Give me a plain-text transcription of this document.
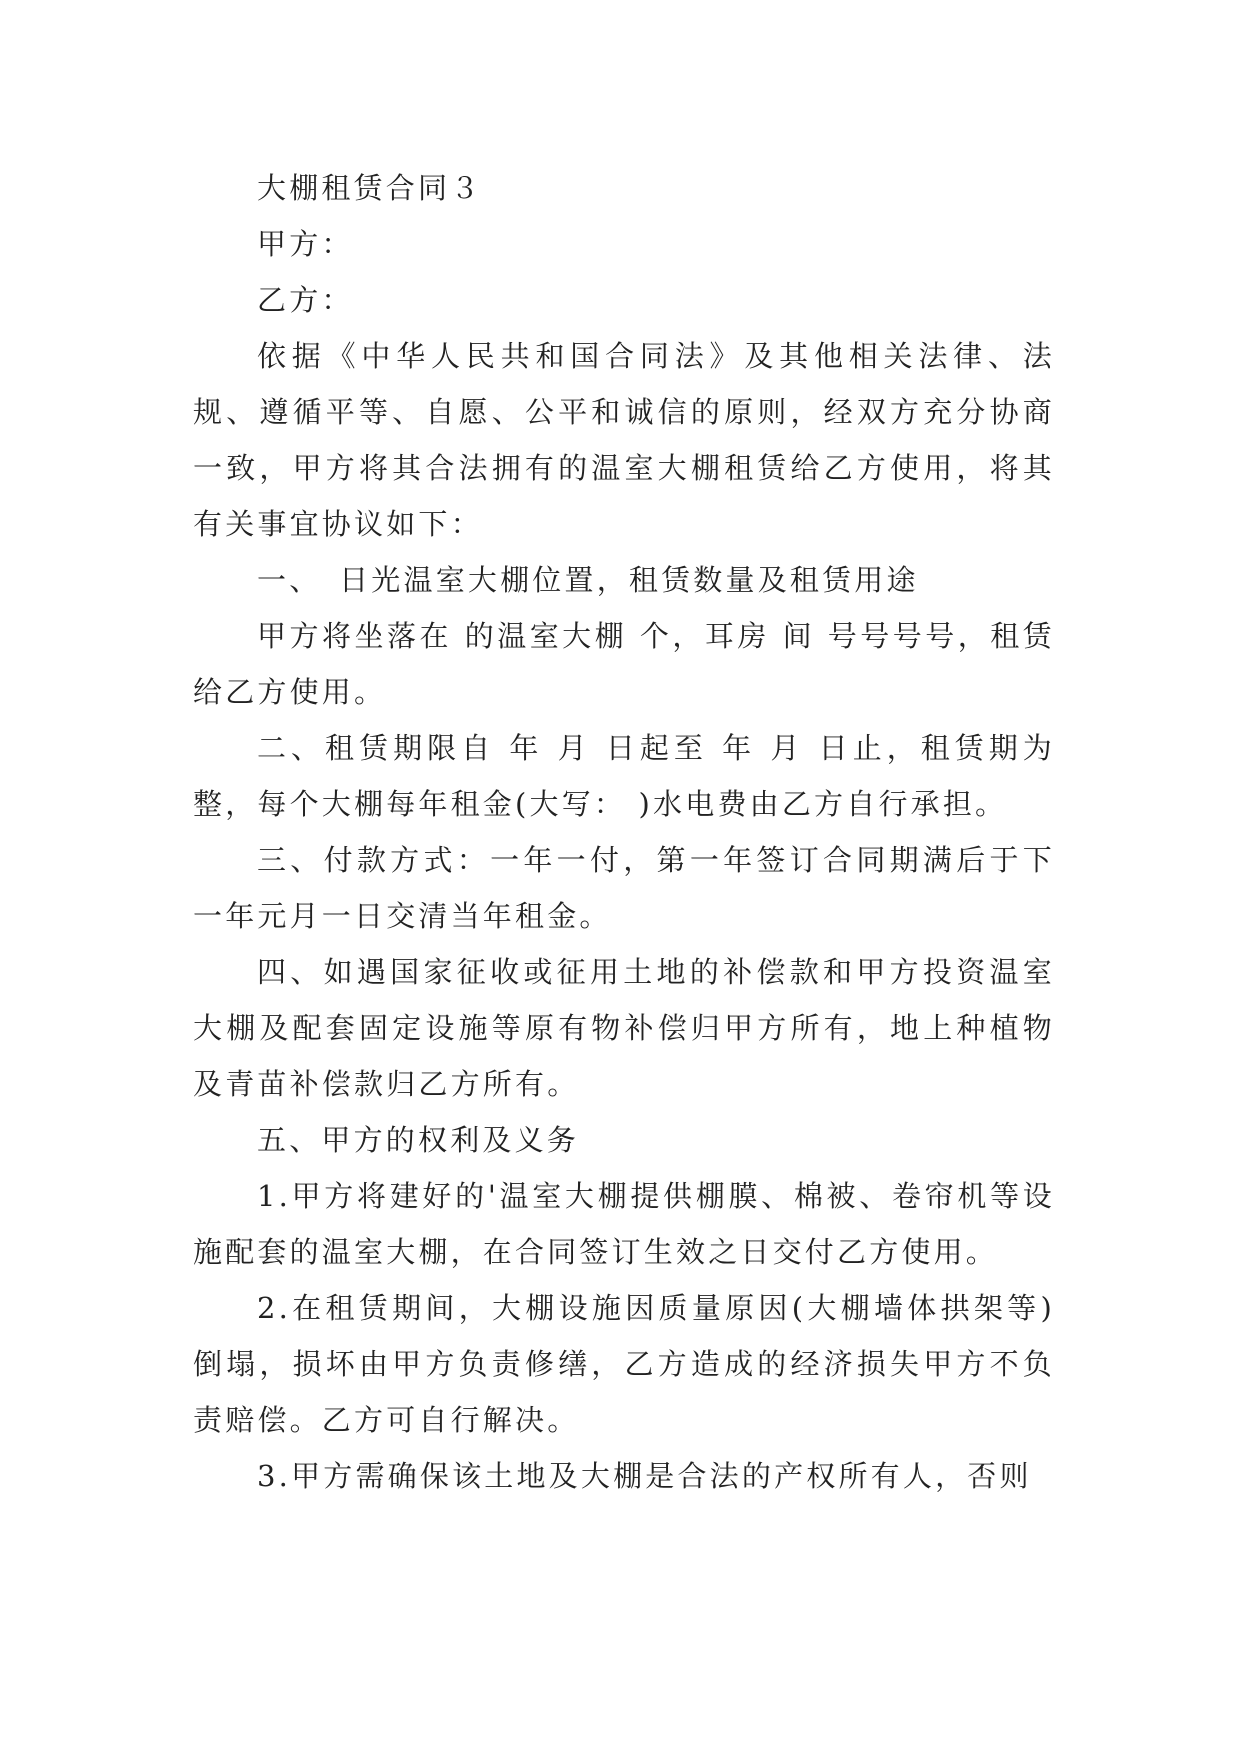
大棚租赁合同３

甲方：

乙方：

依据《中华人民共和国合同法》及其他相关法律、法规、遵循平等、自愿、公平和诚信的原则，经双方充分协商一致，甲方将其合法拥有的温室大棚租赁给乙方使用，将其有关事宜协议如下：

一、　日光温室大棚位置，租赁数量及租赁用途

甲方将坐落在 的温室大棚 个，耳房 间 号号号号，租赁给乙方使用。

二、租赁期限自 年 月 日起至 年 月 日止，租赁期为整，每个大棚每年租金(大写： )水电费由乙方自行承担。

三、付款方式：一年一付，第一年签订合同期满后于下一年元月一日交清当年租金。

四、如遇国家征收或征用土地的补偿款和甲方投资温室大棚及配套固定设施等原有物补偿归甲方所有，地上种植物及青苗补偿款归乙方所有。

五、甲方的权利及义务

1.甲方将建好的'温室大棚提供棚膜、棉被、卷帘机等设施配套的温室大棚，在合同签订生效之日交付乙方使用。

2.在租赁期间，大棚设施因质量原因(大棚墙体拱架等)倒塌，损坏由甲方负责修缮，乙方造成的经济损失甲方不负责赔偿。乙方可自行解决。

3.甲方需确保该土地及大棚是合法的产权所有人，否则
